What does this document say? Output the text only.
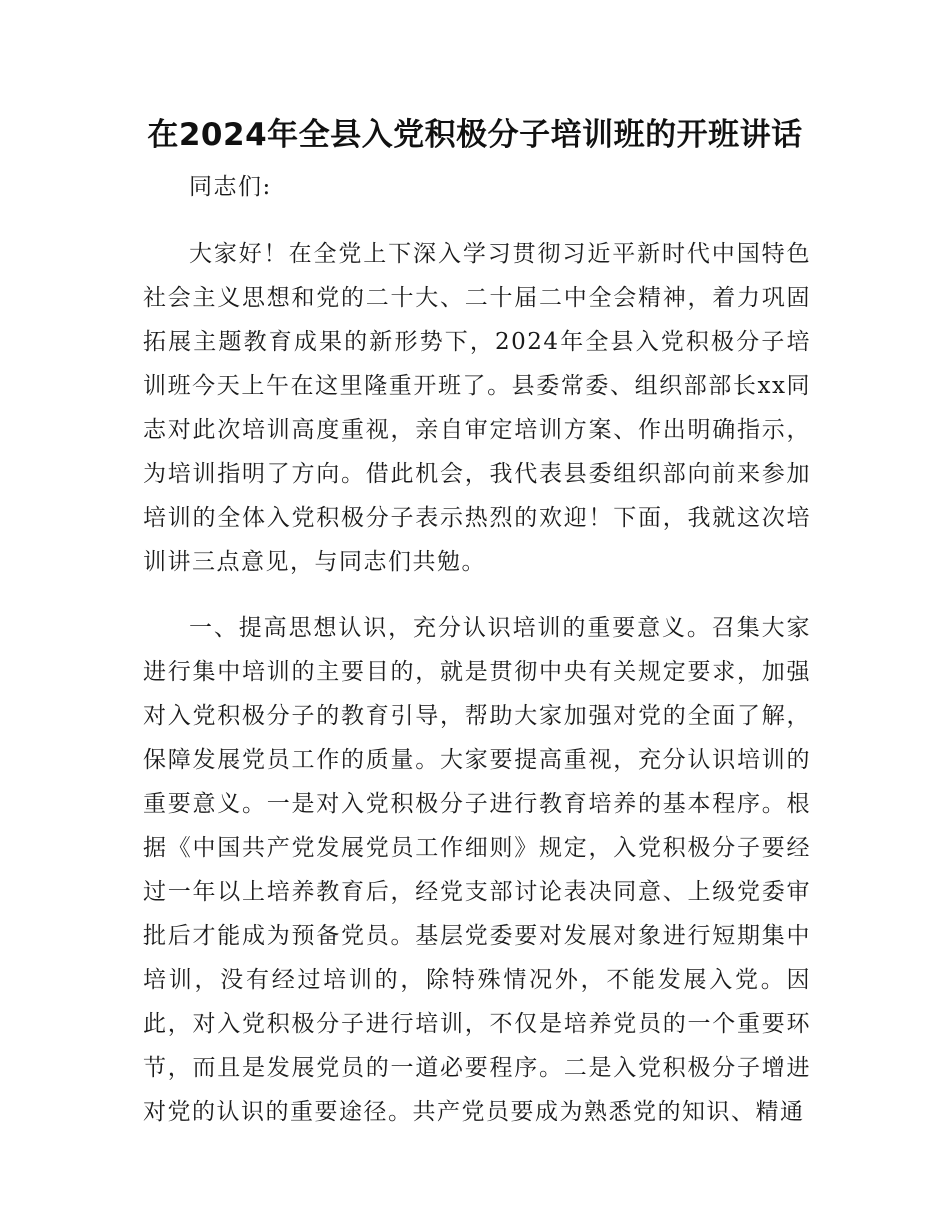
在2024年全县入党积极分子培训班的开班讲话

同志们:

大家好！在全党上下深入学习贯彻习近平新时代中国特色社会主义思想和党的二十大、二十届二中全会精神，着力巩固拓展主题教育成果的新形势下，2024年全县入党积极分子培训班今天上午在这里隆重开班了。县委常委、组织部部长xx同志对此次培训高度重视，亲自审定培训方案、作出明确指示，为培训指明了方向。借此机会，我代表县委组织部向前来参加培训的全体入党积极分子表示热烈的欢迎！下面，我就这次培训讲三点意见，与同志们共勉。

一、提高思想认识，充分认识培训的重要意义。召集大家进行集中培训的主要目的，就是贯彻中央有关规定要求，加强对入党积极分子的教育引导，帮助大家加强对党的全面了解，保障发展党员工作的质量。大家要提高重视，充分认识培训的重要意义。一是对入党积极分子进行教育培养的基本程序。根据《中国共产党发展党员工作细则》规定，入党积极分子要经过一年以上培养教育后，经党支部讨论表决同意、上级党委审批后才能成为预备党员。基层党委要对发展对象进行短期集中培训，没有经过培训的，除特殊情况外，不能发展入党。因此，对入党积极分子进行培训，不仅是培养党员的一个重要环节，而且是发展党员的一道必要程序。二是入党积极分子增进对党的认识的重要途径。共产党员要成为熟悉党的知识、精通
